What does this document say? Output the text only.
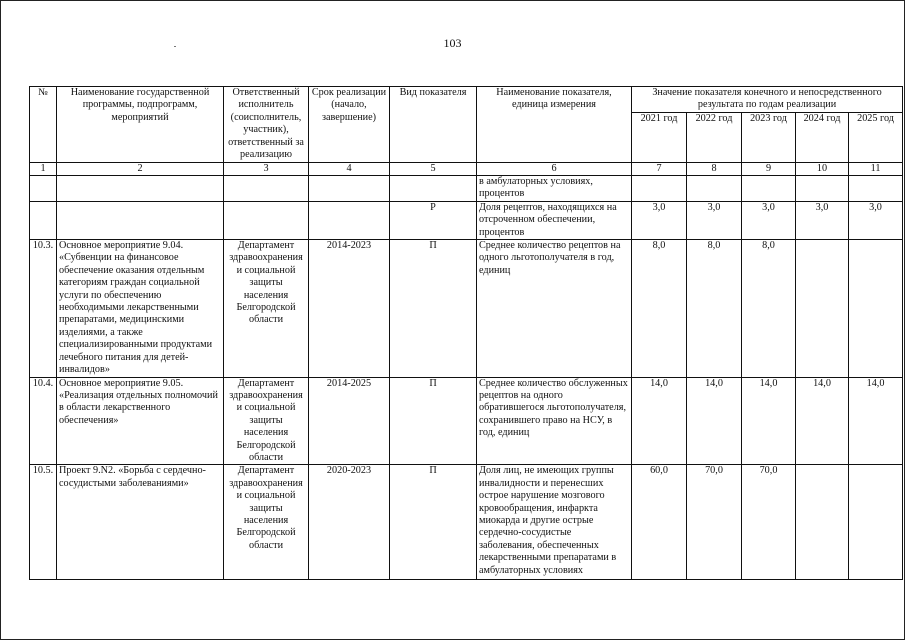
103
№	Наименование государственной программы, подпрограмм, мероприятий	Ответственный исполнитель (соисполнитель, участник), ответственный за реализацию	Срок реализации (начало, завершение)	Вид показателя	Наименование показателя, единица измерения	Значение показателя конечного и непосредственного результата по годам реализации				
						2021 год	2022 год	2023 год	2024 год	2025 год
1	2	3	4	5	6	7	8	9	10	11
					в амбулаторных условиях, процентов					
				Р	Доля рецептов, находящихся на отсроченном обеспечении, процентов	3,0	3,0	3,0	3,0	3,0
10.3.	Основное мероприятие 9.04. «Субвенции на финансовое обеспечение оказания отдельным категориям граждан социальной услуги по обеспечению необходимыми лекарственными препаратами, медицинскими изделиями, а также специализированными продуктами лечебного питания для детей-инвалидов»	Департамент здравоохранения и социальной защиты населения Белгородской области	2014-2023	П	Среднее количество рецептов на одного льготополучателя в год, единиц	8,0	8,0	8,0		
10.4.	Основное мероприятие 9.05. «Реализация отдельных полномочий в области лекарственного обеспечения»	Департамент здравоохранения и социальной защиты населения Белгородской области	2014-2025	П	Среднее количество обслуженных рецептов на одного обратившегося льготополучателя, сохранившего право на НСУ, в год, единиц	14,0	14,0	14,0	14,0	14,0
10.5.	Проект 9.N2. «Борьба с сердечно-сосудистыми заболеваниями»	Департамент здравоохранения и социальной защиты населения Белгородской области	2020-2023	П	Доля лиц, не имеющих группы инвалидности и перенесших острое нарушение мозгового кровообращения, инфаркта миокарда и другие острые сердечно-сосудистые заболевания, обеспеченных лекарственными препаратами в амбулаторных условиях	60,0	70,0	70,0		
